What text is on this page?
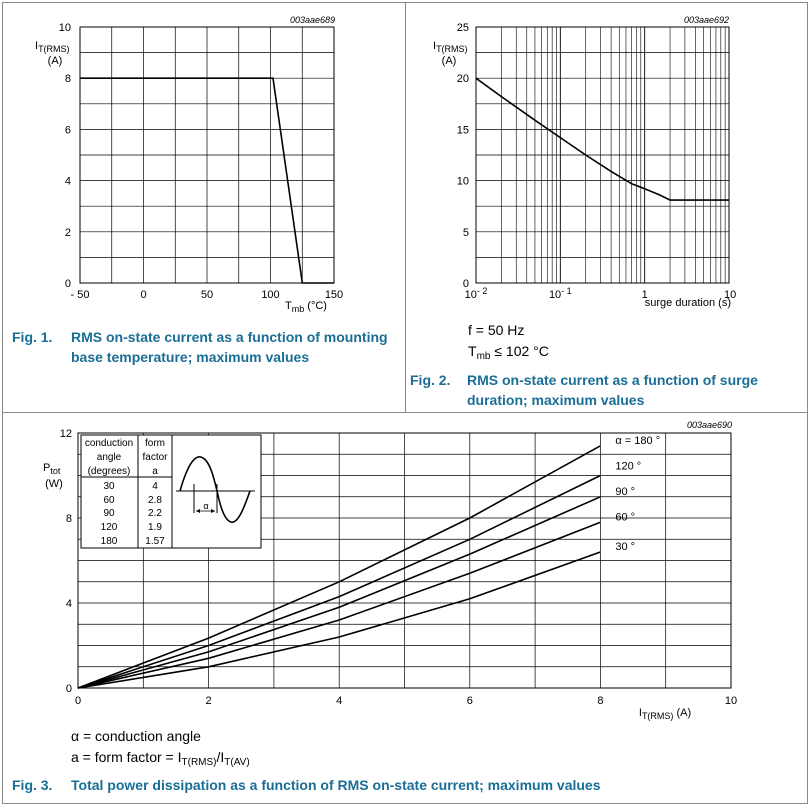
003aae689
$I_{T(RMS)}$
(A)
$T_{mb}$ (°C)
- 50	0	50	100	150
0
2
4
6
8
10
003aae692
$I_{T(RMS)}$
(A)
surge duration (s)
0
5
10
15
20
25
$10^{- 2}$	$10^{- 1}$	1	10
003aae690
$P_{tot}$
(W)
$I_{T(RMS)}$ (A)
conduction
angle
(degrees)
form
factor
a
30	4
60	2.8
90	2.2
120	1.9
180	1.57
α
0	2	4	6	8	10
0
4
8
12
30 °
60 °
90 °
120 °
α = 180 °
f = 50 Hz
$T_{mb} \le 102$ °C
α = conduction angle
a = form factor = $I_{T(RMS)}/I_{T(AV)}$
Fig. 1. RMS on-state current as a function of mounting
base temperature; maximum values
Fig. 2. RMS on-state current as a function of surge
duration; maximum values
Fig. 3. Total power dissipation as a function of RMS on-state current; maximum values
